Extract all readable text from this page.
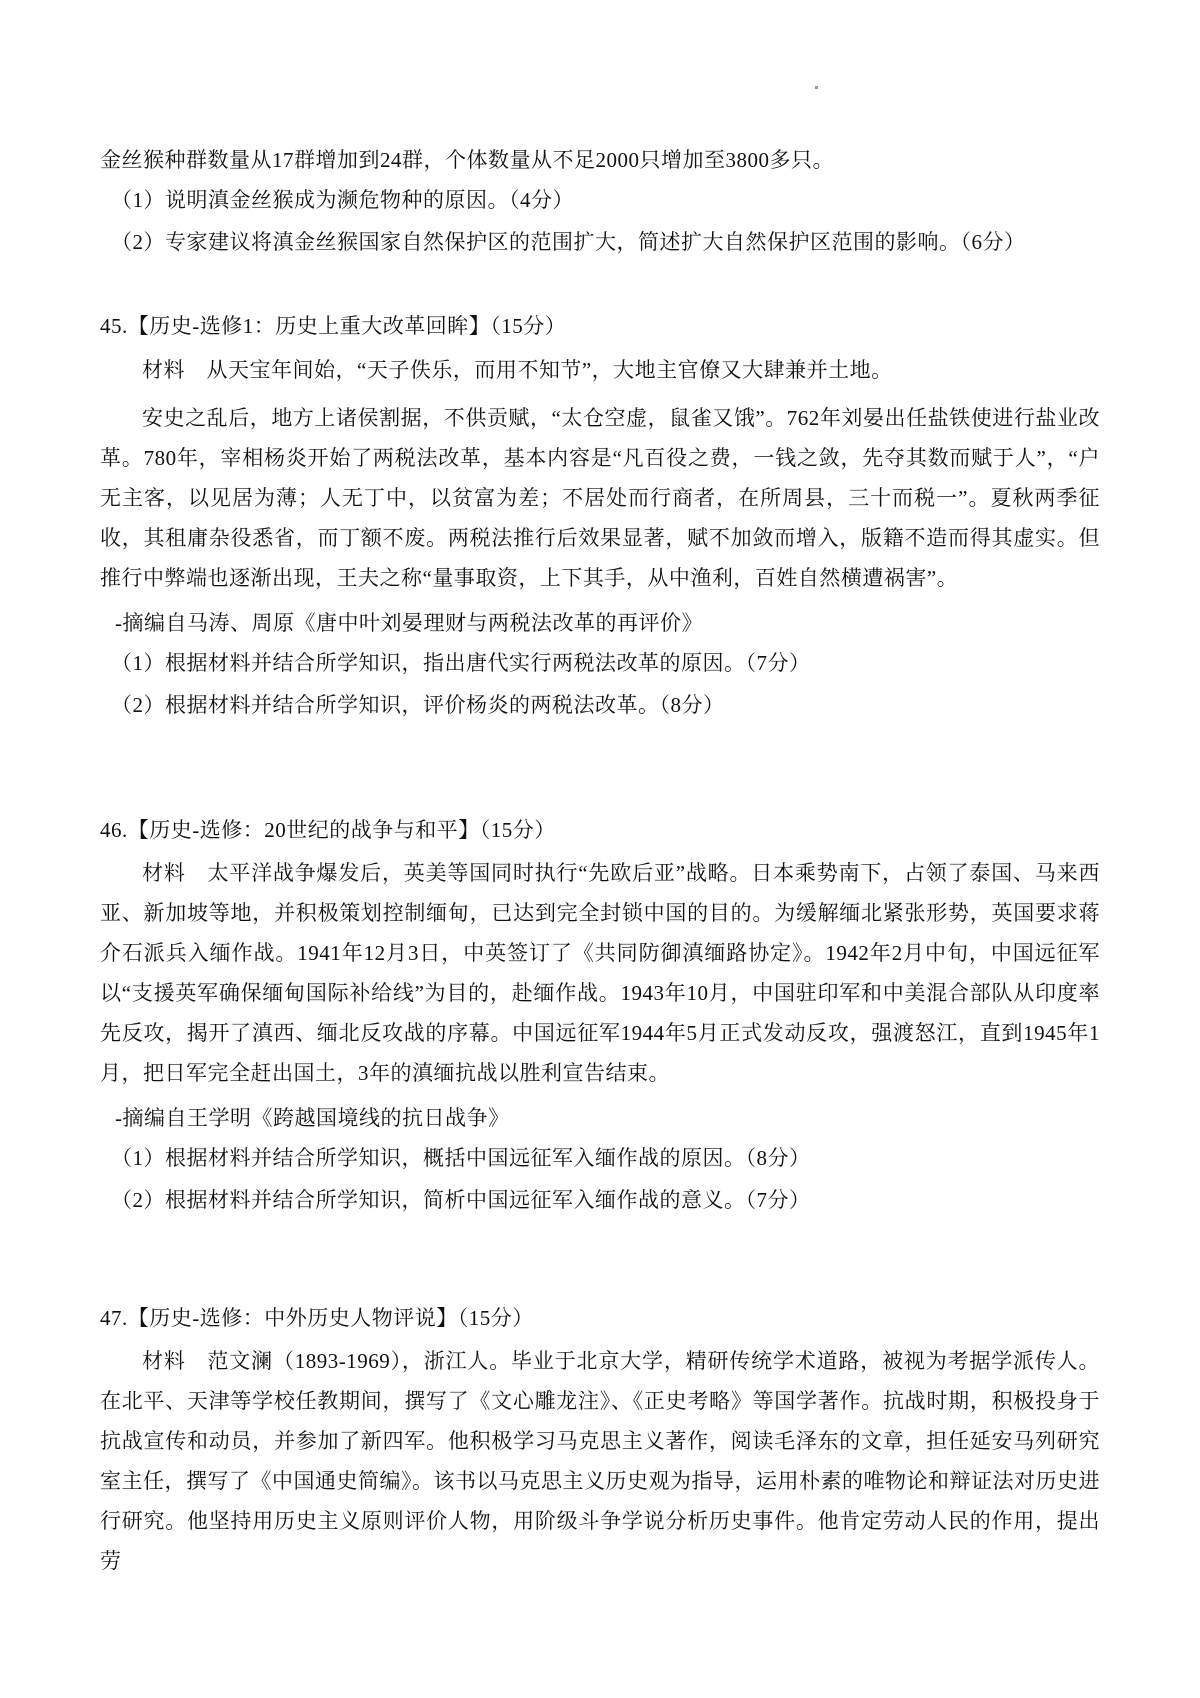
金丝猴种群数量从17群增加到24群，个体数量从不足2000只增加至3800多只。

（1）说明滇金丝猴成为濒危物种的原因。（4分）

（2）专家建议将滇金丝猴国家自然保护区的范围扩大，简述扩大自然保护区范围的影响。（6分）

45.【历史-选修1：历史上重大改革回眸】（15分）

材料　从天宝年间始，“天子佚乐，而用不知节”，大地主官僚又大肆兼并土地。

安史之乱后，地方上诸侯割据，不供贡赋，“太仓空虚，鼠雀又饿”。762年刘晏出任盐铁使进行盐业改革。780年，宰相杨炎开始了两税法改革，基本内容是“凡百役之费，一钱之敛，先夺其数而赋于人”，“户无主客，以见居为薄；人无丁中，以贫富为差；不居处而行商者，在所周县，三十而税一”。夏秋两季征收，其租庸杂役悉省，而丁额不废。两税法推行后效果显著，赋不加敛而增入，版籍不造而得其虚实。但推行中弊端也逐渐出现，王夫之称“量事取资，上下其手，从中渔利，百姓自然横遭祸害”。

-摘编自马涛、周原《唐中叶刘晏理财与两税法改革的再评价》

（1）根据材料并结合所学知识，指出唐代实行两税法改革的原因。（7分）

（2）根据材料并结合所学知识，评价杨炎的两税法改革。（8分）

46.【历史-选修：20世纪的战争与和平】（15分）

材料　太平洋战争爆发后，英美等国同时执行“先欧后亚”战略。日本乘势南下，占领了泰国、马来西亚、新加坡等地，并积极策划控制缅甸，已达到完全封锁中国的目的。为缓解缅北紧张形势，英国要求蒋介石派兵入缅作战。1941年12月3日，中英签订了《共同防御滇缅路协定》。1942年2月中旬，中国远征军以“支援英军确保缅甸国际补给线”为目的，赴缅作战。1943年10月，中国驻印军和中美混合部队从印度率先反攻，揭开了滇西、缅北反攻战的序幕。中国远征军1944年5月正式发动反攻，强渡怒江，直到1945年1月，把日军完全赶出国土，3年的滇缅抗战以胜利宣告结束。

-摘编自王学明《跨越国境线的抗日战争》

（1）根据材料并结合所学知识，概括中国远征军入缅作战的原因。（8分）

（2）根据材料并结合所学知识，简析中国远征军入缅作战的意义。（7分）

47.【历史-选修：中外历史人物评说】（15分）

材料　范文澜（1893-1969），浙江人。毕业于北京大学，精研传统学术道路，被视为考据学派传人。在北平、天津等学校任教期间，撰写了《文心雕龙注》、《正史考略》等国学著作。抗战时期，积极投身于抗战宣传和动员，并参加了新四军。他积极学习马克思主义著作，阅读毛泽东的文章，担任延安马列研究室主任，撰写了《中国通史简编》。该书以马克思主义历史观为指导，运用朴素的唯物论和辩证法对历史进行研究。他坚持用历史主义原则评价人物，用阶级斗争学说分析历史事件。他肯定劳动人民的作用，提出劳
